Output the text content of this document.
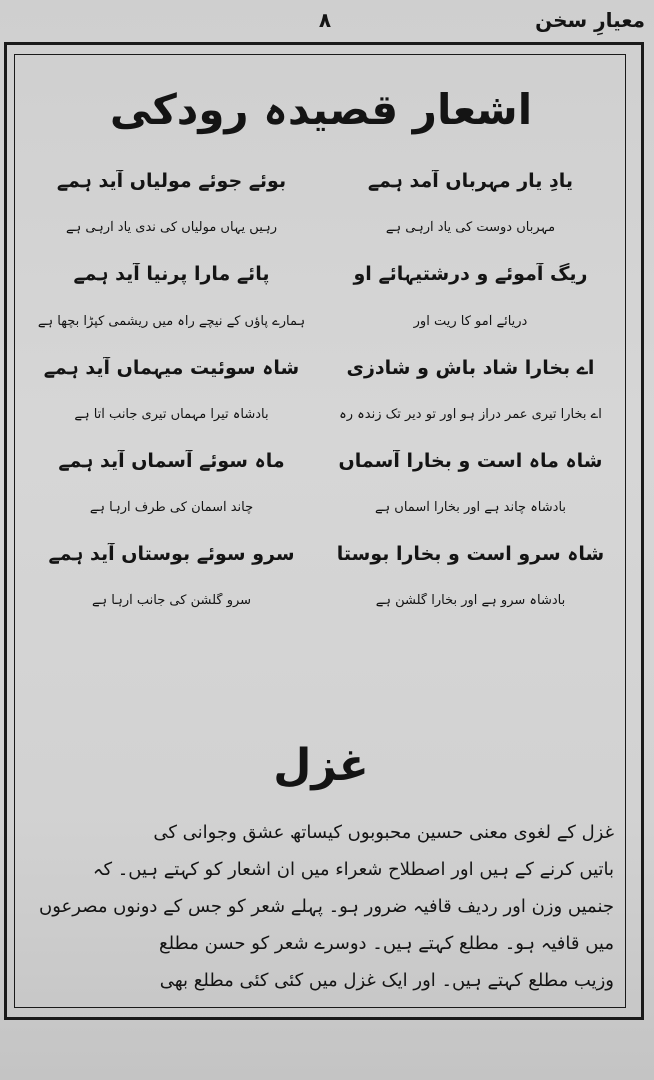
۸	معیارِ سخن
اشعار قصیدہ رودکی
یادِ یار مہرباں آمد ہمے
بوئے جوئے مولیاں آید ہمے
مہرباں دوست کی یاد آرہی ہے
رہیں یہاں مولیاں کی ندی یاد آرہی ہے
ریگ آموئے و درشتیہائے او
پائے مارا پرنیا آید ہمے
دریائے آمو کا ریت اور
ہمارے پاؤں کے نیچے راہ میں ریشمی کپڑا بچھا ہے
اے بخارا شاد باش و شادزی
شاہ سوئیت میہماں آید ہمے
اے بخارا تیری عمر دراز ہو اور تو دیر تک زندہ رہ
بادشاہ تیرا مہماں تیری جانب آتا ہے
شاہ ماہ است و بخارا آسماں
ماہ سوئے آسماں آید ہمے
بادشاہ چاند ہے اور بخارا آسماں ہے
چاند آسمان کی طرف آرہا ہے
شاہ سرو است و بخارا بوستا
سرو سوئے بوستاں آید ہمے
بادشاہ سرو ہے اور بخارا گلشن ہے
سرو گلشن کی جانب آرہا ہے
غزل
غزل کے لغوی معنی حسین محبوبوں کیساتھ عشق وجوانی کی
باتیں کرنے کے ہیں اور اصطلاح شعراء میں ان اشعار کو کہتے ہیں۔ کہ
جنمیں وزن اور ردیف قافیہ ضرور ہو۔ پہلے شعر کو جس کے دونوں مصرعوں
میں قافیہ ہو۔ مطلع کہتے ہیں۔ دوسرے شعر کو حسن مطلع
وزیب مطلع کہتے ہیں۔ اور ایک غزل میں کئی کئی مطلع بھی
